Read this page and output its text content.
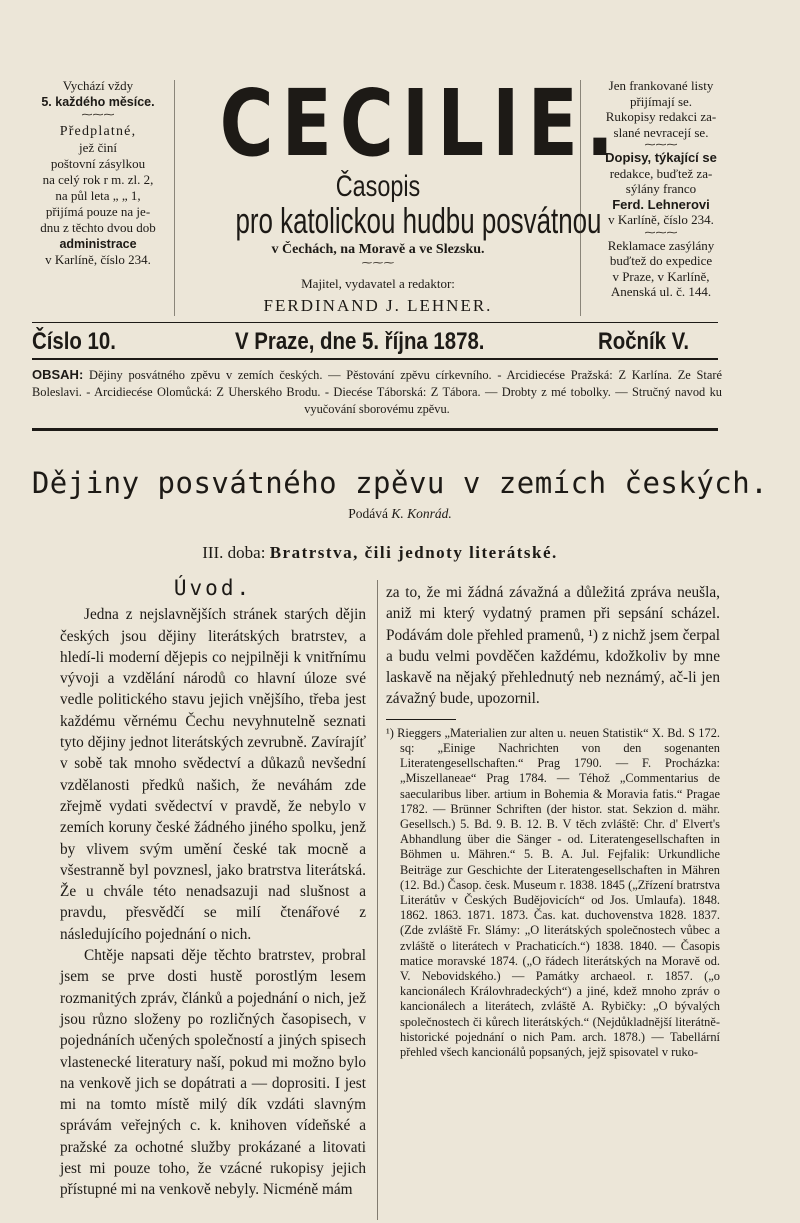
Vychází vždy
5. každého měsíce.
⁓⁓⁓
Předplatné,
jež činí
poštovní zásylkou
na celý rok r m. zl. 2,
na půl leta „ „ 1,
přijímá pouze na je-
dnu z těchto dvou dob
administrace
v Karlíně, číslo 234.
CECILIE.
Časopis
pro katolickou hudbu posvátnou
v Čechách, na Moravě a ve Slezsku.
⁓⁓⁓
Majitel, vydavatel a redaktor:
FERDINAND J. LEHNER.
Jen frankované listy
přijímají se.
Rukopisy redakci za-
slané nevracejí se.
⁓⁓⁓
Dopisy, týkající se
redakce, buďtež za-
sýlány franco
Ferd. Lehnerovi
v Karlíně, číslo 234.
⁓⁓⁓
Reklamace zasýlány
buďtež do expedice
v Praze, v Karlíně,
Anenská ul. č. 144.
Číslo 10.	V Praze, dne 5. října 1878.	Ročník V.
OBSAH: Dějiny posvátného zpěvu v zemích českých. — Pěstování zpěvu církevního. - Arcidiecése Pražská: Z Karlína. Ze Staré Boleslavi. - Arcidiecése Olomůcká: Z Uherského Brodu. - Diecése Táborská: Z Tábora. — Drobty z mé tobolky. — Stručný navod ku vyučování sborovému zpěvu.
Dějiny posvátného zpěvu v zemích českých.
Podává K. Konrád.
III. doba: Bratrstva, čili jednoty literátské.
Úvod.

Jedna z nejslavnějších stránek starých dějin českých jsou dějiny literátských bratrstev, a hledí-li moderní dějepis co nejpilněji k vnitřnímu vývoji a vzdělání národů co hlavní úloze své vedle politického stavu jejich vnějšího, třeba jest každému věrnému Čechu nevyhnutelně seznati tyto dějiny jednot literátských zevrubně. Zavírajíť v sobě tak mnoho svědectví a důkazů nevšední vzdělanosti předků našich, že neváhám zde zřejmě vydati svědectví v pravdě, že nebylo v zemích koruny české žádného jiného spolku, jenž by vlivem svým umění české tak mocně a všestranně byl povznesl, jako bratrstva literátská. Že u chvále této nenadsazuji nad slušnost a pravdu, přesvědčí se milí čtenářové z následujícího pojednání o nich.

Chtěje napsati děje těchto bratrstev, probral jsem se prve dosti hustě porostlým lesem rozmanitých zpráv, článků a pojednání o nich, jež jsou různo složeny po rozličných časopisech, v pojednáních učených společností a jiných spisech vlastenecké literatury naší, pokud mi možno bylo na venkově jich se dopátrati a — doprositi. I jest mi na tomto místě milý dík vzdáti slavným správám veřejných c. k. knihoven vídeňské a pražské za ochotné služby prokázané a litovati jest mi pouze toho, že vzácné rukopisy jejich přístupné mi na venkově nebyly. Nicméně mám

za to, že mi žádná závažná a důležitá zpráva neušla, aniž mi který vydatný pramen při sepsání scházel. Podávám dole přehled pramenů, ¹) z nichž jsem čerpal a budu velmi povděčen každému, kdožkoliv by mne laskavě na nějaký přehlednutý neb neznámý, ač-li jen závažný bude, upozornil.

¹) Rieggers „Materialien zur alten u. neuen Statistik“ X. Bd. S 172. sq: „Einige Nachrichten von den sogenanten Literatengesellschaften.“ Prag 1790. — F. Procházka: „Miszellaneae“ Prag 1784. — Téhož „Commentarius de saecularibus liber. artium in Bohemia & Moravia fatis.“ Pragae 1782. — Brünner Schriften (der histor. stat. Sekzion d. mähr. Gesellsch.) 5. Bd. 9. B. 12. B. V těch zvláště: Chr. d' Elvert's Abhandlung über die Sänger - od. Literatengesellschaften in Böhmen u. Mähren.“ 5. B. A. Jul. Fejfalik: Urkundliche Beiträge zur Geschichte der Literatengesellschaften in Mähren (12. Bd.) Časop. česk. Museum r. 1838. 1845 („Zřízení bratrstva Literátův v Českých Budějovicích“ od Jos. Umlaufa). 1848. 1862. 1863. 1871. 1873. Čas. kat. duchovenstva 1828. 1837. (Zde zvláště Fr. Slámy: „O literátských společnostech vůbec a zvláště o literátech v Prachaticích.“) 1838. 1840. — Časopis matice moravské 1874. („O řádech literátských na Moravě od. V. Nebovidského.) — Památky archaeol. r. 1857. („o kancionálech Královhradeckých“) a jiné, kdež mnoho zpráv o kancionálech a literátech, zvláště A. Rybičky: „O bývalých společnostech či kůrech literátských.“ (Nejdůkladnější literátně-historické pojednání o nich Pam. arch. 1878.) — Tabellární přehled všech kancionálů popsaných, jejž spisovatel v ruko-
